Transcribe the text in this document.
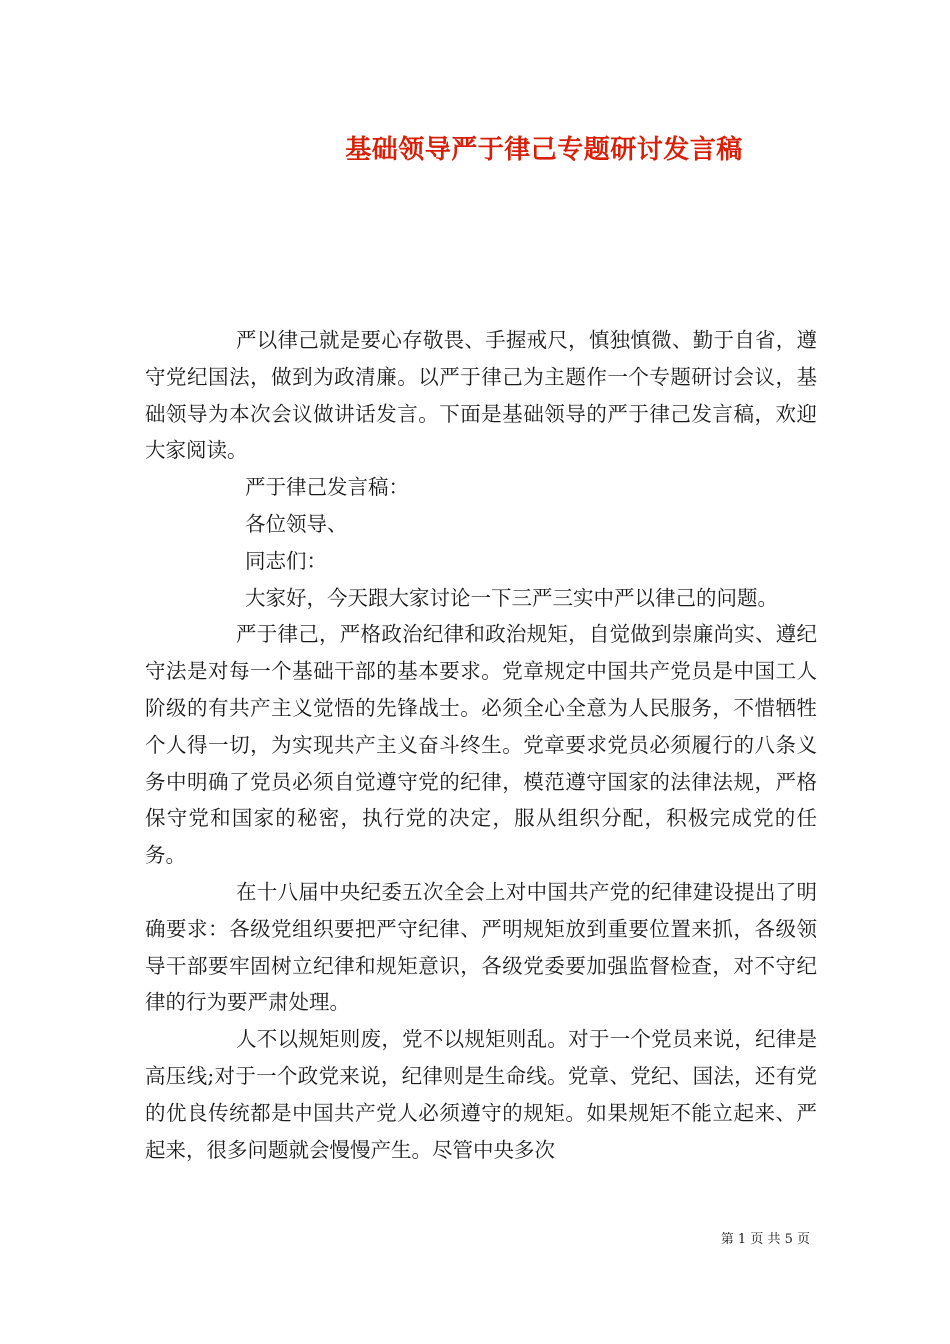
基础领导严于律己专题研讨发言稿

严以律己就是要心存敬畏、手握戒尺，慎独慎微、勤于自省，遵守党纪国法，做到为政清廉。以严于律己为主题作一个专题研讨会议，基础领导为本次会议做讲话发言。下面是基础领导的严于律己发言稿，欢迎大家阅读。

严于律己发言稿：

各位领导、

同志们：

大家好，今天跟大家讨论一下三严三实中严以律己的问题。

严于律己，严格政治纪律和政治规矩，自觉做到崇廉尚实、遵纪守法是对每一个基础干部的基本要求。党章规定中国共产党员是中国工人阶级的有共产主义觉悟的先锋战士。必须全心全意为人民服务，不惜牺牲个人得一切，为实现共产主义奋斗终生。党章要求党员必须履行的八条义务中明确了党员必须自觉遵守党的纪律，模范遵守国家的法律法规，严格保守党和国家的秘密，执行党的决定，服从组织分配，积极完成党的任务。

在十八届中央纪委五次全会上对中国共产党的纪律建设提出了明确要求：各级党组织要把严守纪律、严明规矩放到重要位置来抓，各级领导干部要牢固树立纪律和规矩意识，各级党委要加强监督检查，对不守纪律的行为要严肃处理。

人不以规矩则废，党不以规矩则乱。对于一个党员来说，纪律是高压线;对于一个政党来说，纪律则是生命线。党章、党纪、国法，还有党的优良传统都是中国共产党人必须遵守的规矩。如果规矩不能立起来、严起来，很多问题就会慢慢产生。尽管中央多次

第 1 页 共 5 页
